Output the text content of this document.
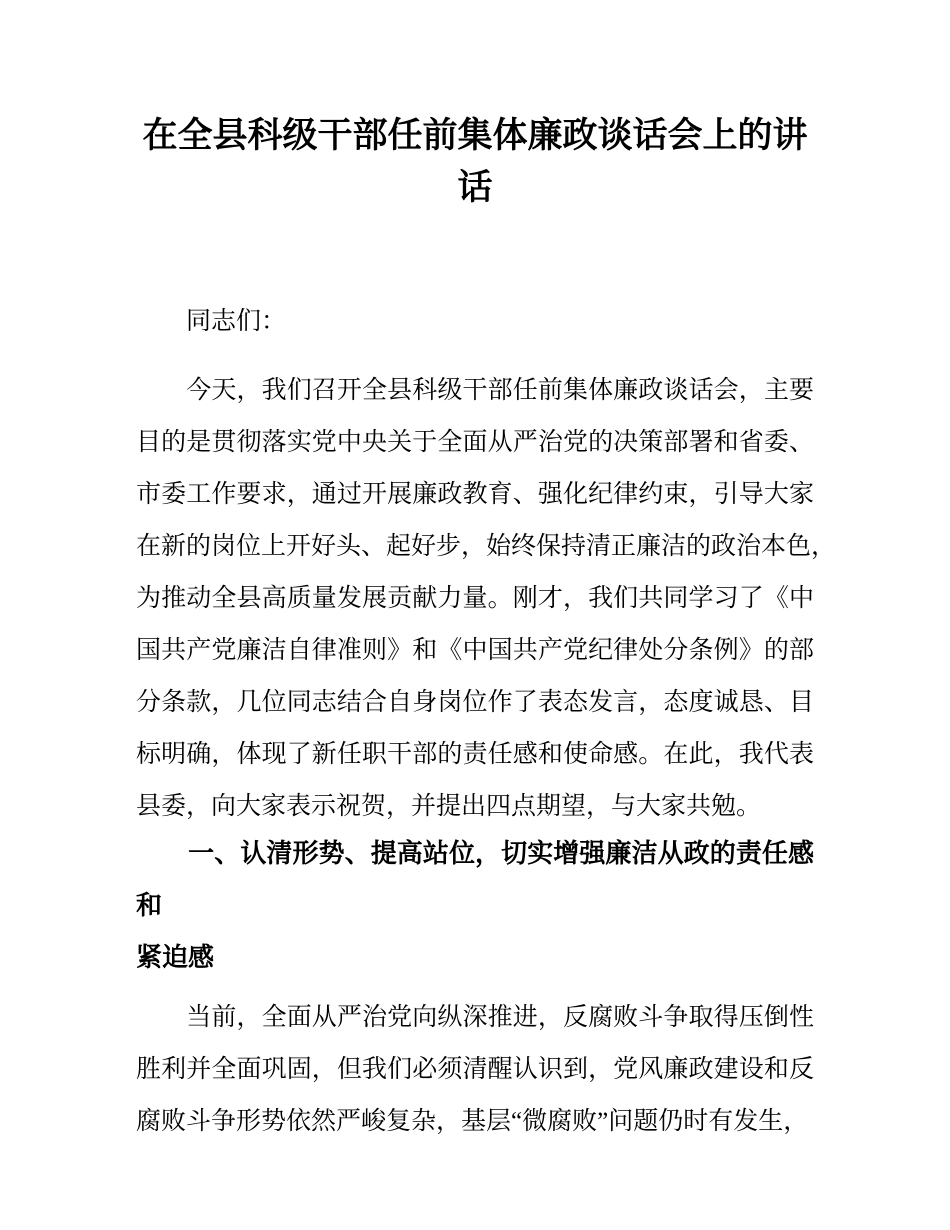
在全县科级干部任前集体廉政谈话会上的讲
话
　　同志们：
　　今天，我们召开全县科级干部任前集体廉政谈话会，主要
目的是贯彻落实党中央关于全面从严治党的决策部署和省委、
市委工作要求，通过开展廉政教育、强化纪律约束，引导大家
在新的岗位上开好头、起好步，始终保持清正廉洁的政治本色，
为推动全县高质量发展贡献力量。刚才，我们共同学习了《中
国共产党廉洁自律准则》和《中国共产党纪律处分条例》的部
分条款，几位同志结合自身岗位作了表态发言，态度诚恳、目
标明确，体现了新任职干部的责任感和使命感。在此，我代表
县委，向大家表示祝贺，并提出四点期望，与大家共勉。
　　一、认清形势、提高站位，切实增强廉洁从政的责任感和
紧迫感
　　当前，全面从严治党向纵深推进，反腐败斗争取得压倒性
胜利并全面巩固，但我们必须清醒认识到，党风廉政建设和反
腐败斗争形势依然严峻复杂，基层“微腐败”问题仍时有发生，
